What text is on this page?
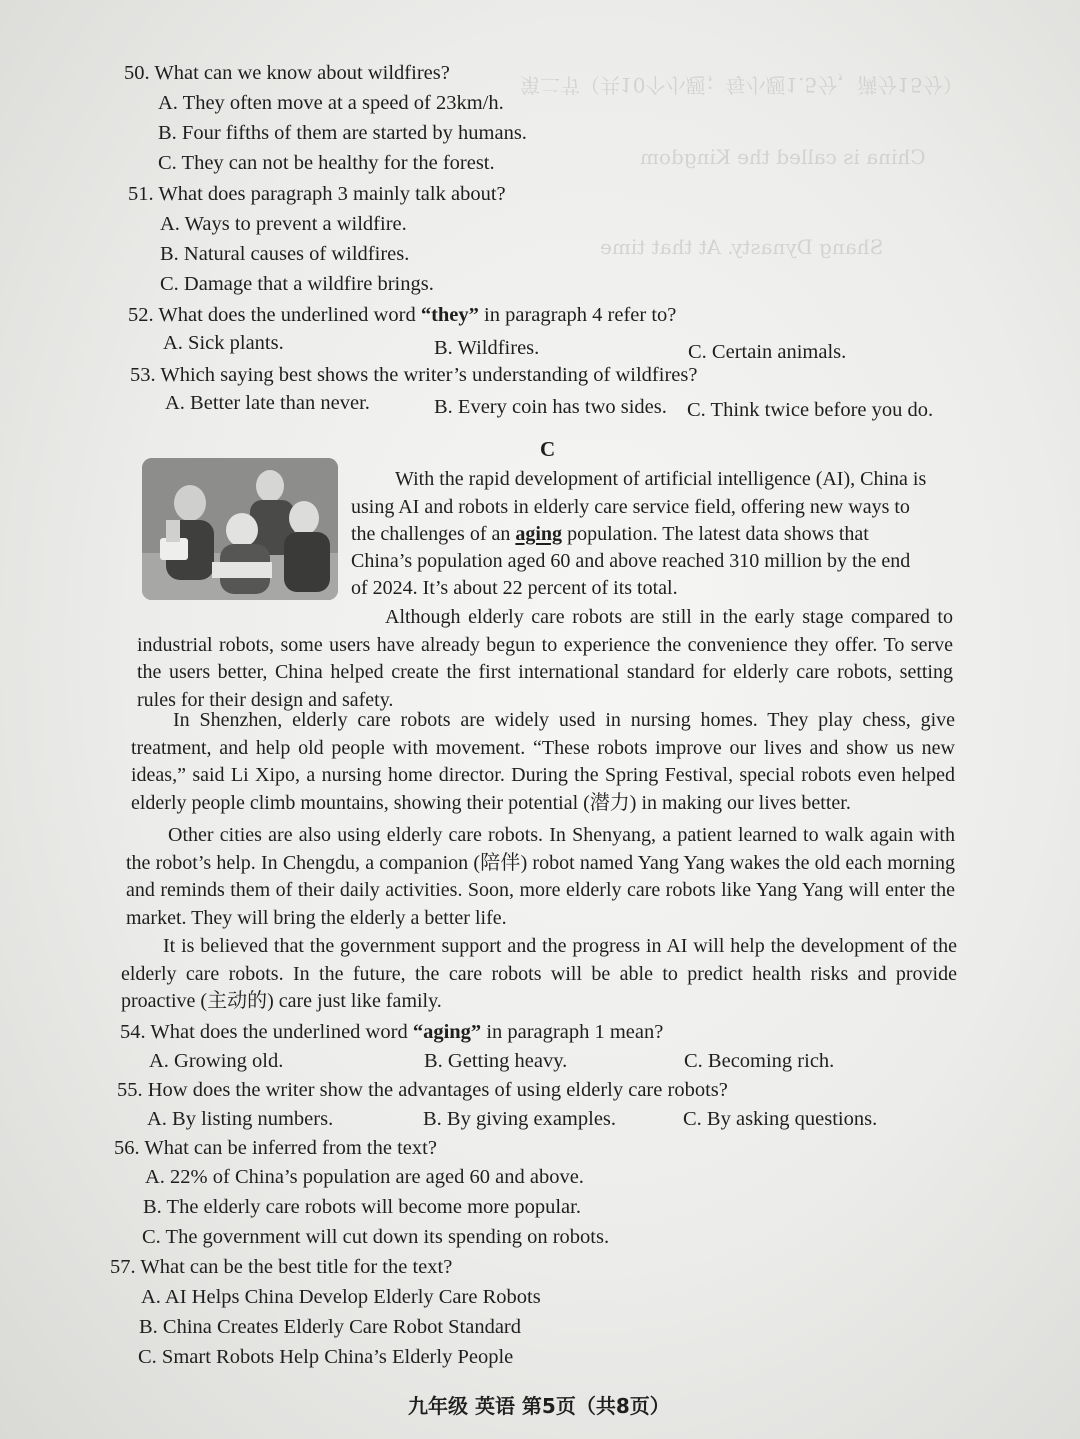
第二节（共10个小题；每小题1.5分，满分15分）
China is called the Kingdom
Shang Dynasty. At that time
50. What can we know about wildfires?
A. They often move at a speed of 23km/h.
B. Four fifths of them are started by humans.
C. They can not be healthy for the forest.
51. What does paragraph 3 mainly talk about?
A. Ways to prevent a wildfire.
B. Natural causes of wildfires.
C. Damage that a wildfire brings.
52. What does the underlined word “they” in paragraph 4 refer to?
A. Sick plants.	B. Wildfires.	C. Certain animals.
53. Which saying best shows the writer’s understanding of wildfires?
A. Better late than never.	B. Every coin has two sides. C. Think twice before you do.
C
With the rapid development of artificial intelligence (AI), China is
using AI and robots in elderly care service field, offering new ways to
the challenges of an aging population. The latest data shows that
China’s population aged 60 and above reached 310 million by the end
of 2024. It’s about 22 percent of its total.
Although elderly care robots are still in the early stage compared to industrial robots, some users have already begun to experience the convenience they offer. To serve the users better, China helped create the first international standard for elderly care robots, setting rules for their design and safety.
In Shenzhen, elderly care robots are widely used in nursing homes. They play chess, give treatment, and help old people with movement. “These robots improve our lives and show us new ideas,” said Li Xipo, a nursing home director. During the Spring Festival, special robots even helped elderly people climb mountains, showing their potential (潜力) in making our lives better.
Other cities are also using elderly care robots. In Shenyang, a patient learned to walk again with the robot’s help. In Chengdu, a companion (陪伴) robot named Yang Yang wakes the old each morning and reminds them of their daily activities. Soon, more elderly care robots like Yang Yang will enter the market. They will bring the elderly a better life.
It is believed that the government support and the progress in AI will help the development of the elderly care robots. In the future, the care robots will be able to predict health risks and provide proactive (主动的) care just like family.
54. What does the underlined word “aging” in paragraph 1 mean?
A. Growing old.	B. Getting heavy.	C. Becoming rich.
55. How does the writer show the advantages of using elderly care robots?
A. By listing numbers.	B. By giving examples.	C. By asking questions.
56. What can be inferred from the text?
A. 22% of China’s population are aged 60 and above.
B. The elderly care robots will become more popular.
C. The government will cut down its spending on robots.
57. What can be the best title for the text?
A. AI Helps China Develop Elderly Care Robots
B. China Creates Elderly Care Robot Standard
C. Smart Robots Help China’s Elderly People
九年级 英语 第5页（共8页）
